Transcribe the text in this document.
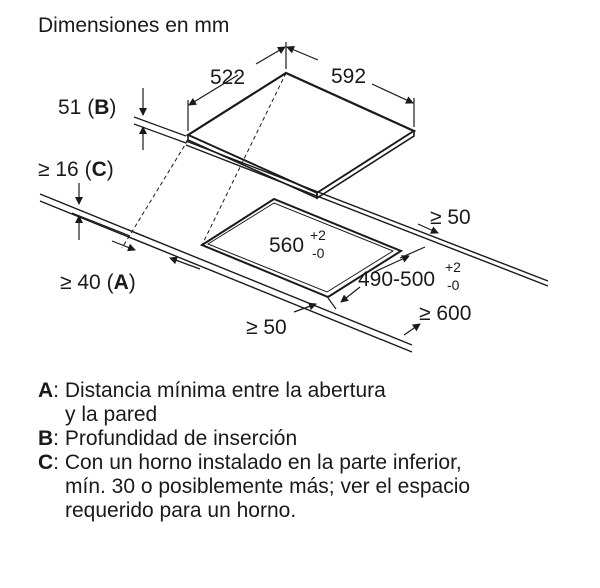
Dimensiones en mm
522	592
51 (B)
560 +2
-0
490-500
+2
-0
≥ 50
≥ 16 (C)
≥ 40 (A)
≥ 50
≥ 600
A : Distancia mínima entre la abertura
y la pared
B : Profundidad de inserción
C : Con un horno instalado en la parte inferior,
mín. 30 o posiblemente más; ver el espacio
requerido para un horno.
